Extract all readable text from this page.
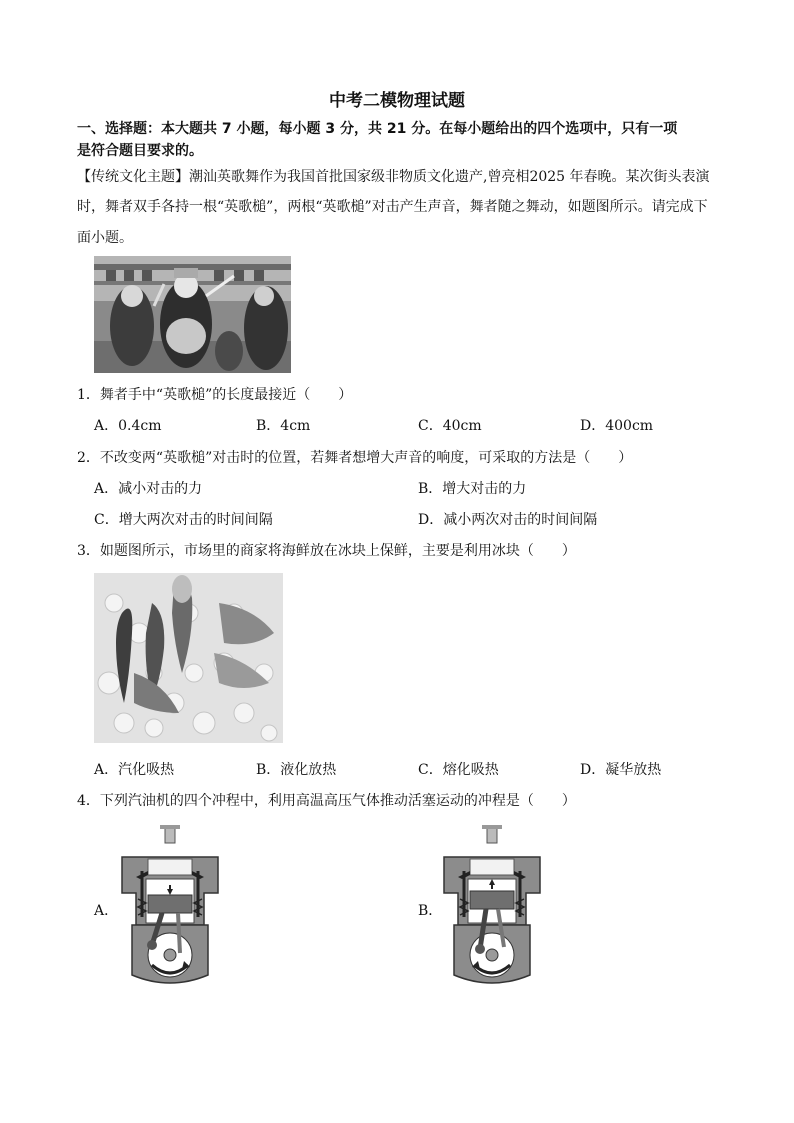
中考二模物理试题
一、选择题：本大题共 7 小题，每小题 3 分，共 21 分。在每小题给出的四个选项中，只有一项
是符合题目要求的。
【传统文化主题】潮汕英歌舞作为我国首批国家级非物质文化遗产,曾亮相2025 年春晚。某次街头表演
时，舞者双手各持一根“英歌槌”，两根“英歌槌”对击产生声音，舞者随之舞动，如题图所示。请完成下
面小题。
1．舞者手中“英歌槌”的长度最接近（　　）
A．0.4cm	B．4cm	C．40cm	D．400cm
2．不改变两“英歌槌”对击时的位置，若舞者想增大声音的响度，可采取的方法是（　　）
A．减小对击的力	B．增大对击的力
C．增大两次对击的时间间隔	D．减小两次对击的时间间隔
3．如题图所示，市场里的商家将海鲜放在冰块上保鲜，主要是利用冰块（　　）
A．汽化吸热	B．液化放热	C．熔化吸热	D．凝华放热
4．下列汽油机的四个冲程中，利用高温高压气体推动活塞运动的冲程是（　　）
A．	B．
